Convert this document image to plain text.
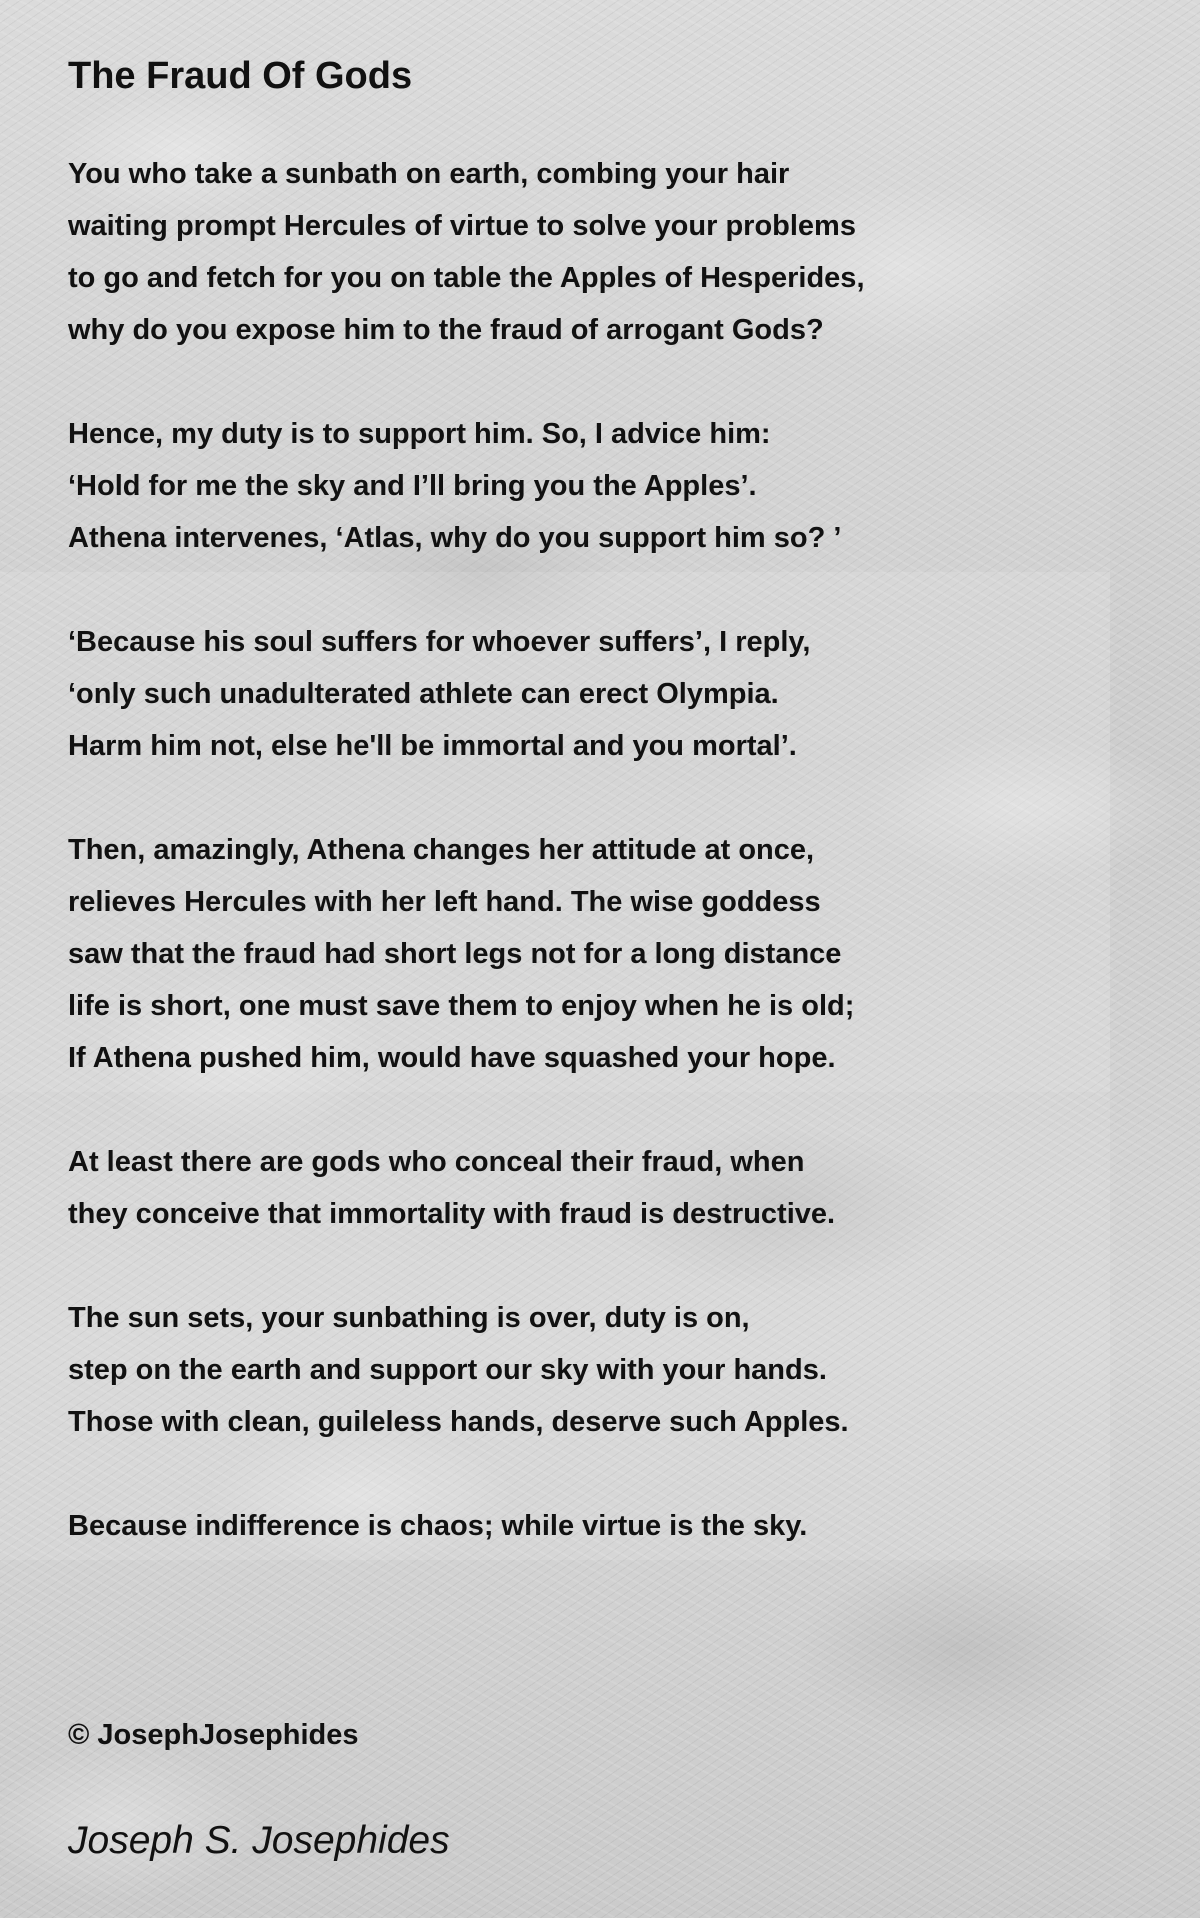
The Fraud Of Gods

You who take a sunbath on earth, combing your hair
waiting prompt Hercules of virtue to solve your problems
to go and fetch for you on table the Apples of Hesperides,
why do you expose him to the fraud of arrogant Gods?

Hence, my duty is to support him. So, I advice him:
‘Hold for me the sky and I’ll bring you the Apples’.
Athena intervenes, ‘Atlas, why do you support him so? ’

‘Because his soul suffers for whoever suffers’, I reply,
‘only such unadulterated athlete can erect Olympia.
Harm him not, else he'll be immortal and you mortal’.

Then, amazingly, Athena changes her attitude at once,
relieves Hercules with her left hand. The wise goddess
saw that the fraud had short legs not for a long distance
life is short, one must save them to enjoy when he is old;
If Athena pushed him, would have squashed your hope.

At least there are gods who conceal their fraud, when
they conceive that immortality with fraud is destructive.

The sun sets, your sunbathing is over, duty is on,
step on the earth and support our sky with your hands.
Those with clean, guileless hands, deserve such Apples.

Because indifference is chaos; while virtue is the sky.

© JosephJosephides
Joseph S. Josephides
